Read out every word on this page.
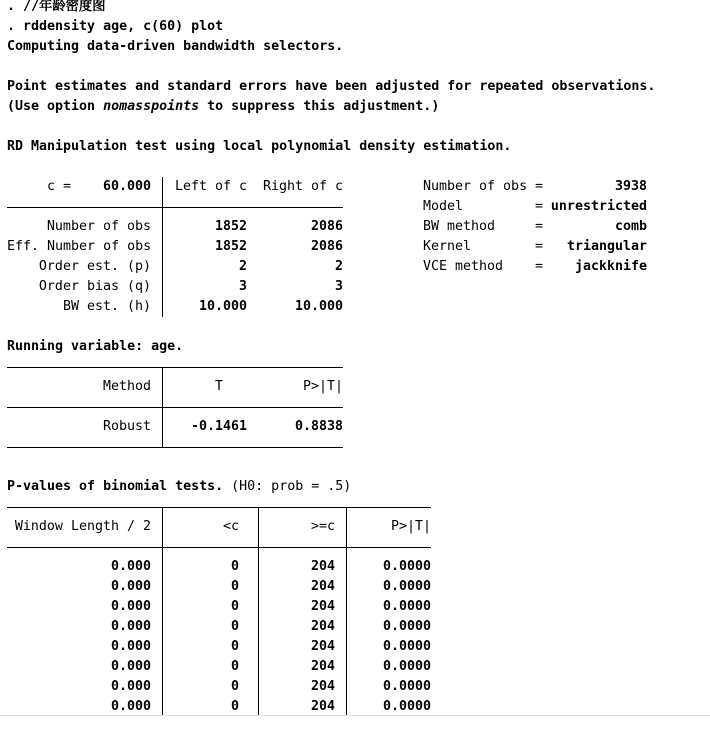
. //年龄密度图
. rddensity age, c(60) plot
Computing data-driven bandwidth selectors.
Point estimates and standard errors have been adjusted for repeated observations.
(Use option nomasspoints to suppress this adjustment.)
RD Manipulation test using local polynomial density estimation.
c =	60.000	Left of c	Right of c
Number of obs	1852	2086
Eff. Number of obs	1852	2086
Order est. (p)	2	2
Order bias (q)	3	3
BW est. (h)	10.000	10.000
Number of obs =	3938
Model	= unrestricted
BW method	=	comb
Kernel	=	triangular
VCE method =	jackknife
Running variable: age.
Method	T	P>|T|
Robust	-0.1461	0.8838
P-values of binomial tests. (H0: prob = .5)
Window Length / 2	<c	>=c	P>|T|
0.000	0	204	0.0000
0.000	0	204	0.0000
0.000	0	204	0.0000
0.000	0	204	0.0000
0.000	0	204	0.0000
0.000	0	204	0.0000
0.000	0	204	0.0000
0.000	0	204	0.0000
